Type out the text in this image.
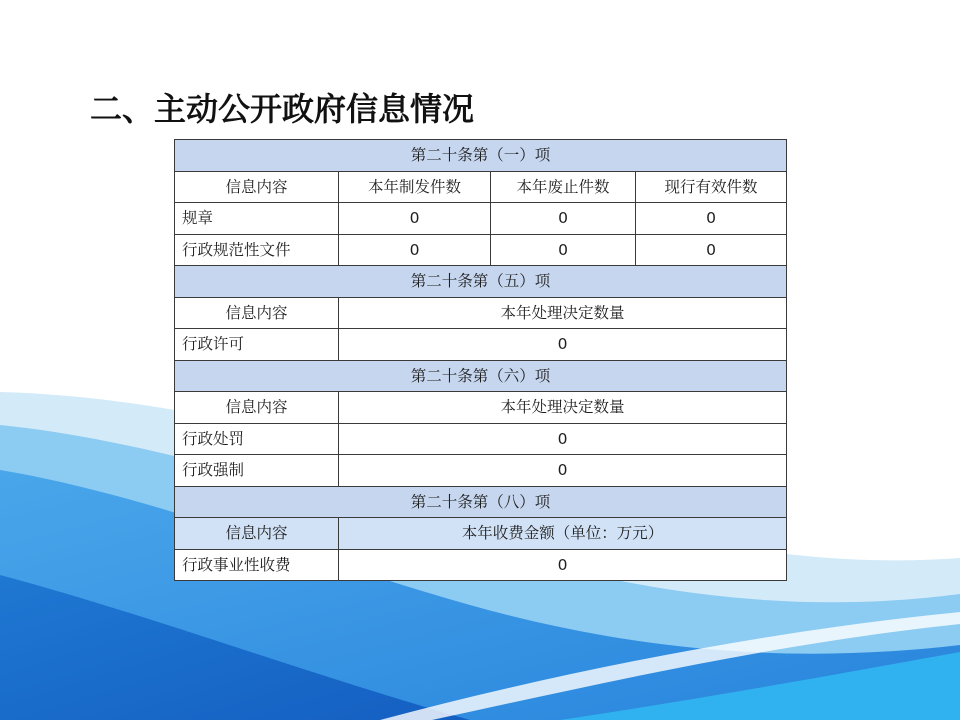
二、主动公开政府信息情况
第二十条第（一）项			
信息内容	本年制发件数	本年废止件数	现行有效件数
规章	0	0	0
行政规范性文件	0	0	0
第二十条第（五）项			
信息内容	本年处理决定数量		
行政许可	0		
第二十条第（六）项			
信息内容	本年处理决定数量		
行政处罚	0		
行政强制	0		
第二十条第（八）项			
信息内容	本年收费金额（单位：万元）		
行政事业性收费	0		
